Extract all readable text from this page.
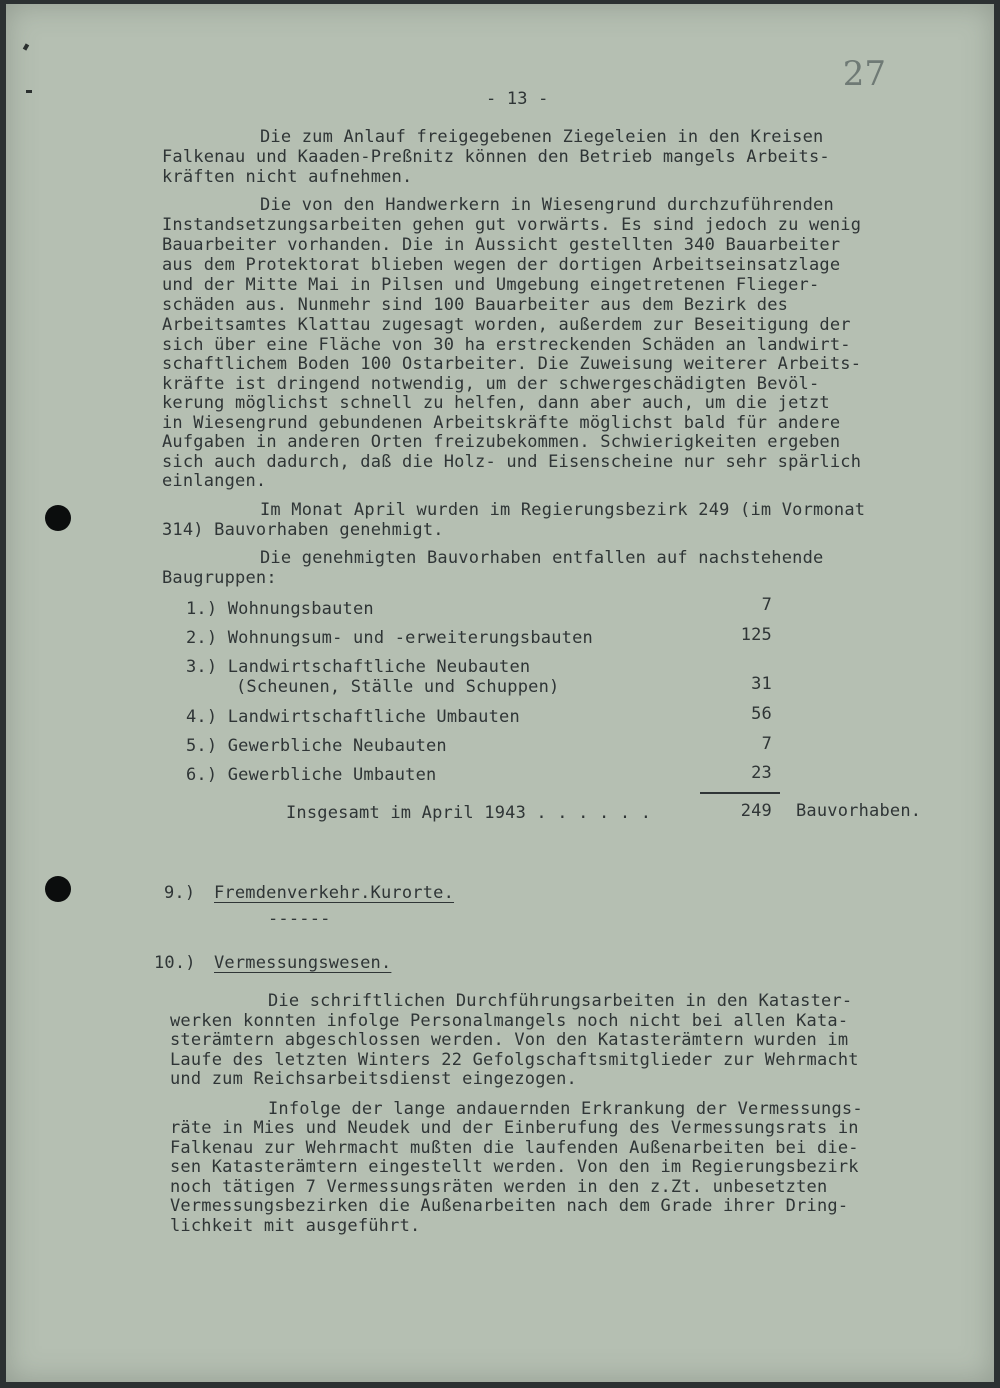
27
- 13 -
Die zum Anlauf freigegebenen Ziegeleien in den Kreisen
Falkenau und Kaaden-Preßnitz können den Betrieb mangels Arbeits-
kräften nicht aufnehmen.
Die von den Handwerkern in Wiesengrund durchzuführenden
Instandsetzungsarbeiten gehen gut vorwärts. Es sind jedoch zu wenig
Bauarbeiter vorhanden. Die in Aussicht gestellten 340 Bauarbeiter
aus dem Protektorat blieben wegen der dortigen Arbeitseinsatzlage
und der Mitte Mai in Pilsen und Umgebung eingetretenen Flieger-
schäden aus. Nunmehr sind 100 Bauarbeiter aus dem Bezirk des
Arbeitsamtes Klattau zugesagt worden, außerdem zur Beseitigung der
sich über eine Fläche von 30 ha erstreckenden Schäden an landwirt-
schaftlichem Boden 100 Ostarbeiter. Die Zuweisung weiterer Arbeits-
kräfte ist dringend notwendig, um der schwergeschädigten Bevöl-
kerung möglichst schnell zu helfen, dann aber auch, um die jetzt
in Wiesengrund gebundenen Arbeitskräfte möglichst bald für andere
Aufgaben in anderen Orten freizubekommen. Schwierigkeiten ergeben
sich auch dadurch, daß die Holz- und Eisenscheine nur sehr spärlich
einlangen.
Im Monat April wurden im Regierungsbezirk 249 (im Vormonat
314) Bauvorhaben genehmigt.
Die genehmigten Bauvorhaben entfallen auf nachstehende
Baugruppen:
1.) Wohnungsbauten	7
2.) Wohnungsum- und -erweiterungsbauten	125
3.) Landwirtschaftliche Neubauten
(Scheunen, Ställe und Schuppen)	31
4.) Landwirtschaftliche Umbauten	56
5.) Gewerbliche Neubauten	7
6.) Gewerbliche Umbauten	23
Insgesamt im April 1943 . . . . . .	249 Bauvorhaben.
9.) Fremdenverkehr.Kurorte.
------
10.) Vermessungswesen.
Die schriftlichen Durchführungsarbeiten in den Kataster-
werken konnten infolge Personalmangels noch nicht bei allen Kata-
sterämtern abgeschlossen werden. Von den Katasterämtern wurden im
Laufe des letzten Winters 22 Gefolgschaftsmitglieder zur Wehrmacht
und zum Reichsarbeitsdienst eingezogen.
Infolge der lange andauernden Erkrankung der Vermessungs-
räte in Mies und Neudek und der Einberufung des Vermessungsrats in
Falkenau zur Wehrmacht mußten die laufenden Außenarbeiten bei die-
sen Katasterämtern eingestellt werden. Von den im Regierungsbezirk
noch tätigen 7 Vermessungsräten werden in den z.Zt. unbesetzten
Vermessungsbezirken die Außenarbeiten nach dem Grade ihrer Dring-
lichkeit mit ausgeführt.
